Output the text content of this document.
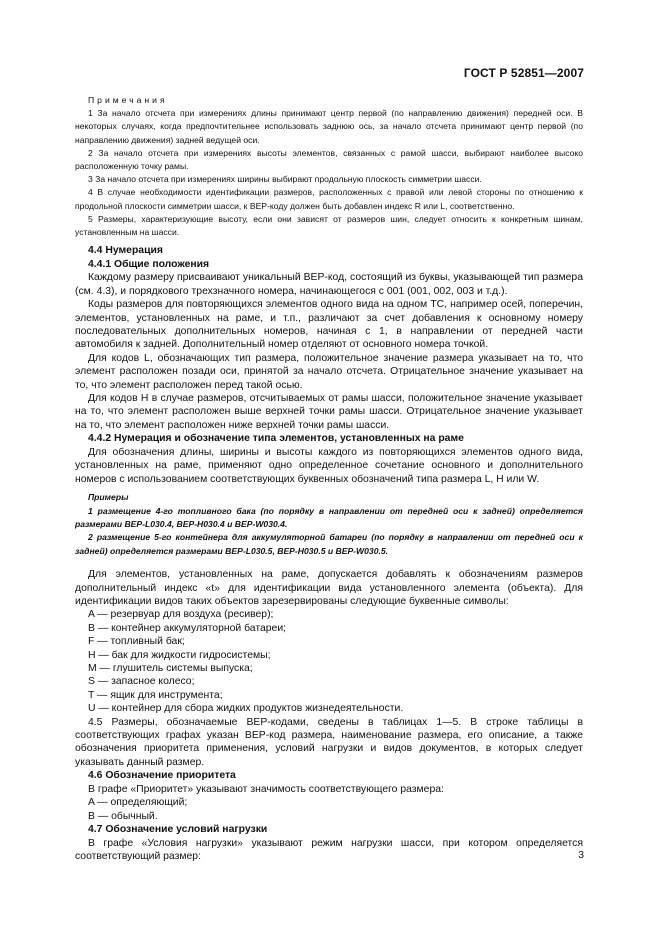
ГОСТ Р 52851—2007

Примечания

1 За начало отсчета при измерениях длины принимают центр первой (по направлению движения) передней оси. В некоторых случаях, когда предпочтительнее использовать заднюю ось, за начало отсчета принимают центр первой (по направлению движения) задней ведущей оси.

2 За начало отсчета при измерениях высоты элементов, связанных с рамой шасси, выбирают наиболее высоко расположенную точку рамы.

3 За начало отсчета при измерениях ширины выбирают продольную плоскость симметрии шасси.

4 В случае необходимости идентификации размеров, расположенных с правой или левой стороны по отношению к продольной плоскости симметрии шасси, к BEP-коду должен быть добавлен индекс R или L, соответственно.

5 Размеры, характеризующие высоту, если они зависят от размеров шин, следует относить к конкретным шинам, установленным на шасси.

4.4 Нумерация

4.4.1 Общие положения

Каждому размеру присваивают уникальный BEP-код, состоящий из буквы, указывающей тип размера (см. 4.3), и порядкового трехзначного номера, начинающегося с 001 (001, 002, 003 и т.д.).

Коды размеров для повторяющихся элементов одного вида на одном ТС, например осей, поперечин, элементов, установленных на раме, и т.п., различают за счет добавления к основному номеру последовательных дополнительных номеров, начиная с 1, в направлении от передней части автомобиля к задней. Дополнительный номер отделяют от основного номера точкой.

Для кодов L, обозначающих тип размера, положительное значение размера указывает на то, что элемент расположен позади оси, принятой за начало отсчета. Отрицательное значение указывает на то, что элемент расположен перед такой осью.

Для кодов H в случае размеров, отсчитываемых от рамы шасси, положительное значение указывает на то, что элемент расположен выше верхней точки рамы шасси. Отрицательное значение указывает на то, что элемент расположен ниже верхней точки рамы шасси.

4.4.2 Нумерация и обозначение типа элементов, установленных на раме

Для обозначения длины, ширины и высоты каждого из повторяющихся элементов одного вида, установленных на раме, применяют одно определенное сочетание основного и дополнительного номеров с использованием соответствующих буквенных обозначений типа размера L, H или W.

Примеры

1 размещение 4-го топливного бака (по порядку в направлении от передней оси к задней) определяется размерами BEP-L030.4, BEP-H030.4 и BEP-W030.4.

2 размещение 5-го контейнера для аккумуляторной батареи (по порядку в направлении от передней оси к задней) определяется размерами BEP-L030.5, BEP-H030.5 и BEP-W030.5.

Для элементов, установленных на раме, допускается добавлять к обозначениям размеров дополнительный индекс «t» для идентификации вида установленного элемента (объекта). Для идентификации видов таких объектов зарезервированы следующие буквенные символы:

A — резервуар для воздуха (ресивер);

B — контейнер аккумуляторной батареи;

F — топливный бак;

H — бак для жидкости гидросистемы;

M — глушитель системы выпуска;

S — запасное колесо;

T — ящик для инструмента;

U — контейнер для сбора жидких продуктов жизнедеятельности.

4.5 Размеры, обозначаемые BEP-кодами, сведены в таблицах 1—5. В строке таблицы в соответствующих графах указан BEP-код размера, наименование размера, его описание, а также обозначения приоритета применения, условий нагрузки и видов документов, в которых следует указывать данный размер.

4.6 Обозначение приоритета

В графе «Приоритет» указывают значимость соответствующего размера:

A — определяющий;

B — обычный.

4.7 Обозначение условий нагрузки

В графе «Условия нагрузки» указывают режим нагрузки шасси, при котором определяется соответствующий размер:	3
